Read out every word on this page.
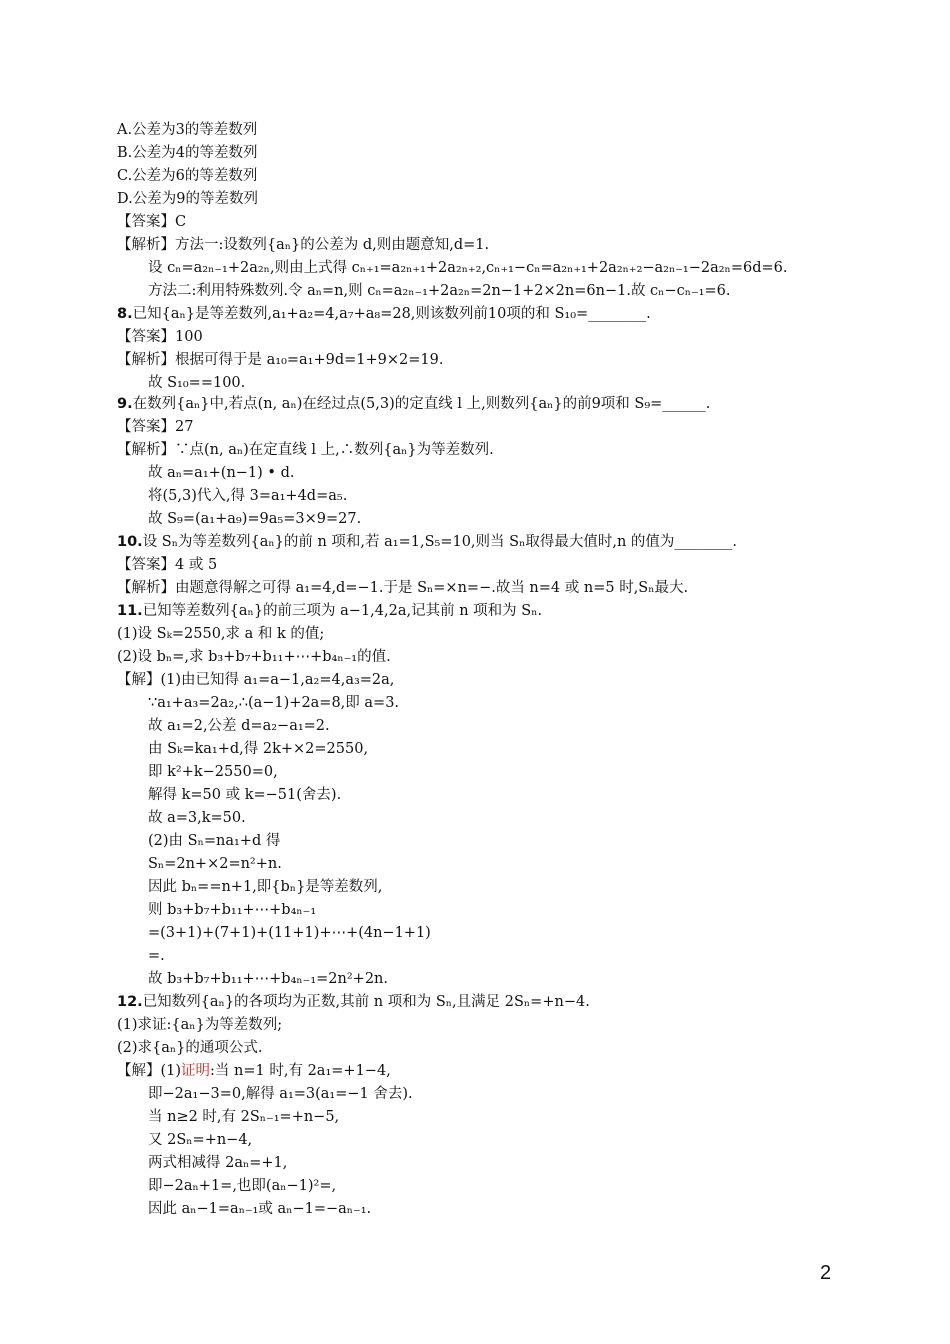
A.公差为3的等差数列
B.公差为4的等差数列
C.公差为6的等差数列
D.公差为9的等差数列
【答案】C
【解析】方法一:设数列{aₙ}的公差为 d,则由题意知,d=1.
设 cₙ=a₂ₙ₋₁+2a₂ₙ,则由上式得 cₙ₊₁=a₂ₙ₊₁+2a₂ₙ₊₂,cₙ₊₁−cₙ=a₂ₙ₊₁+2a₂ₙ₊₂−a₂ₙ₋₁−2a₂ₙ=6d=6.
方法二:利用特殊数列.令 aₙ=n,则 cₙ=a₂ₙ₋₁+2a₂ₙ=2n−1+2×2n=6n−1.故 cₙ−cₙ₋₁=6.
8.已知{aₙ}是等差数列,a₁+a₂=4,a₇+a₈=28,则该数列前10项的和 S₁₀=________.
【答案】100
【解析】根据可得于是 a₁₀=a₁+9d=1+9×2=19.
故 S₁₀==100.
9.在数列{aₙ}中,若点(n, aₙ)在经过点(5,3)的定直线 l 上,则数列{aₙ}的前9项和 S₉=______.
【答案】27
【解析】∵点(n, aₙ)在定直线 l 上,∴数列{aₙ}为等差数列.
故 aₙ=a₁+(n−1) • d.
将(5,3)代入,得 3=a₁+4d=a₅.
故 S₉=(a₁+a₉)=9a₅=3×9=27.
10.设 Sₙ为等差数列{aₙ}的前 n 项和,若 a₁=1,S₅=10,则当 Sₙ取得最大值时,n 的值为________.
【答案】4 或 5
【解析】由题意得解之可得 a₁=4,d=−1.于是 Sₙ=×n=−.故当 n=4 或 n=5 时,Sₙ最大.
11.已知等差数列{aₙ}的前三项为 a−1,4,2a,记其前 n 项和为 Sₙ.
(1)设 Sₖ=2550,求 a 和 k 的值;
(2)设 bₙ=,求 b₃+b₇+b₁₁+⋯+b₄ₙ₋₁的值.
【解】(1)由已知得 a₁=a−1,a₂=4,a₃=2a,
∵a₁+a₃=2a₂,∴(a−1)+2a=8,即 a=3.
故 a₁=2,公差 d=a₂−a₁=2.
由 Sₖ=ka₁+d,得 2k+×2=2550,
即 k²+k−2550=0,
解得 k=50 或 k=−51(舍去).
故 a=3,k=50.
(2)由 Sₙ=na₁+d 得
Sₙ=2n+×2=n²+n.
因此 bₙ==n+1,即{bₙ}是等差数列,
则 b₃+b₇+b₁₁+⋯+b₄ₙ₋₁
=(3+1)+(7+1)+(11+1)+⋯+(4n−1+1)
=.
故 b₃+b₇+b₁₁+⋯+b₄ₙ₋₁=2n²+2n.
12.已知数列{aₙ}的各项均为正数,其前 n 项和为 Sₙ,且满足 2Sₙ=+n−4.
(1)求证:{aₙ}为等差数列;
(2)求{aₙ}的通项公式.
【解】(1)证明:当 n=1 时,有 2a₁=+1−4,
即−2a₁−3=0,解得 a₁=3(a₁=−1 舍去).
当 n≥2 时,有 2Sₙ₋₁=+n−5,
又 2Sₙ=+n−4,
两式相减得 2aₙ=+1,
即−2aₙ+1=,也即(aₙ−1)²=,
因此 aₙ−1=aₙ₋₁或 aₙ−1=−aₙ₋₁.
2
